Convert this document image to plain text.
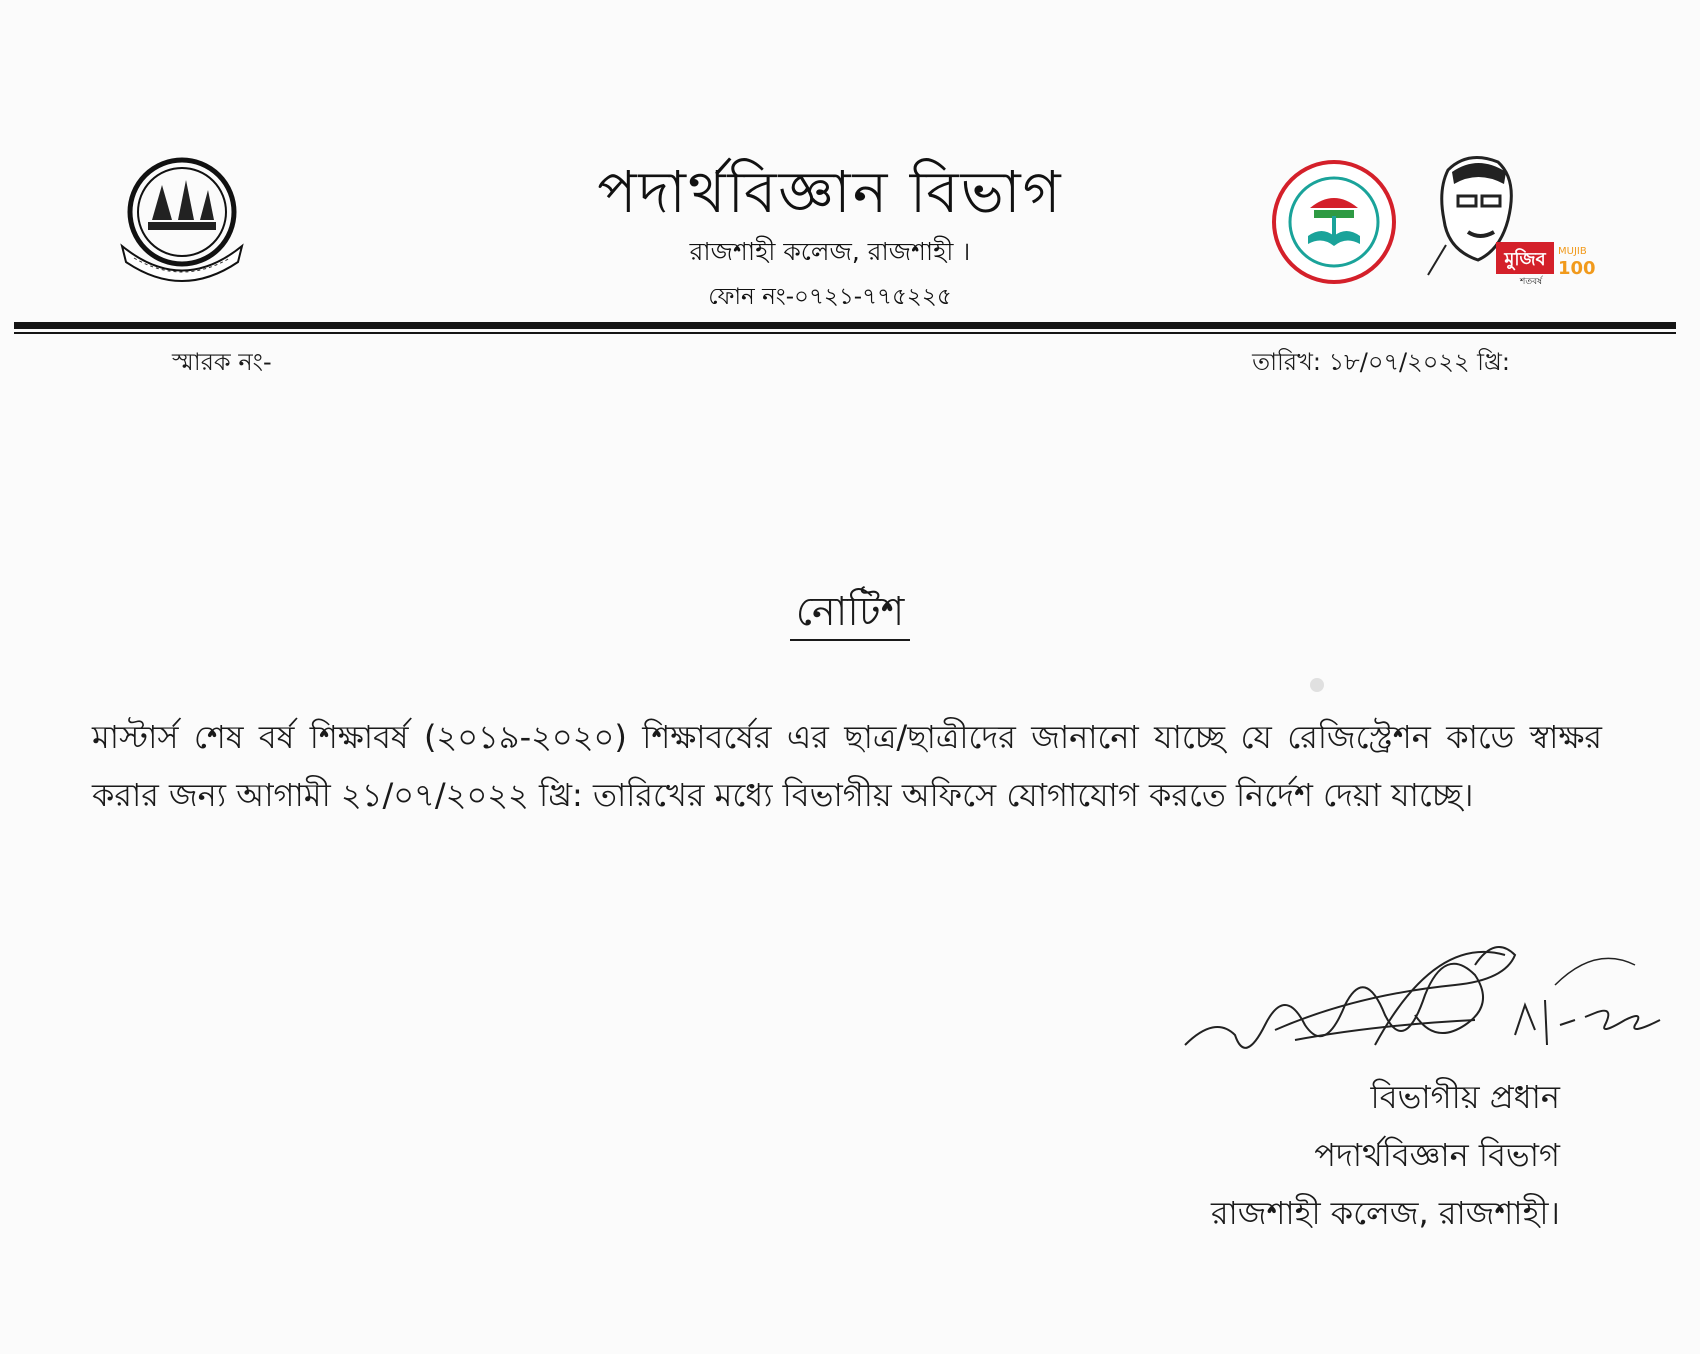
পদার্থবিজ্ঞান বিভাগ
রাজশাহী কলেজ, রাজশাহী ।
ফোন নং-০৭২১-৭৭৫২২৫
মুজিব MUJIB
100
শতবর্ষ
স্মারক নং-	তারিখ: ১৮/০৭/২০২২ খ্রি:
নোটিশ
মাস্টার্স শেষ বর্ষ শিক্ষাবর্ষ (২০১৯-২০২০) শিক্ষাবর্ষের এর ছাত্র/ছাত্রীদের জানানো যাচ্ছে যে রেজিস্ট্রেশন কাডে স্বাক্ষর করার জন্য আগামী ২১/০৭/২০২২ খ্রি: তারিখের মধ্যে বিভাগীয় অফিসে যোগাযোগ করতে নির্দেশ দেয়া যাচ্ছে।
বিভাগীয় প্রধান
পদার্থবিজ্ঞান বিভাগ
রাজশাহী কলেজ, রাজশাহী।
